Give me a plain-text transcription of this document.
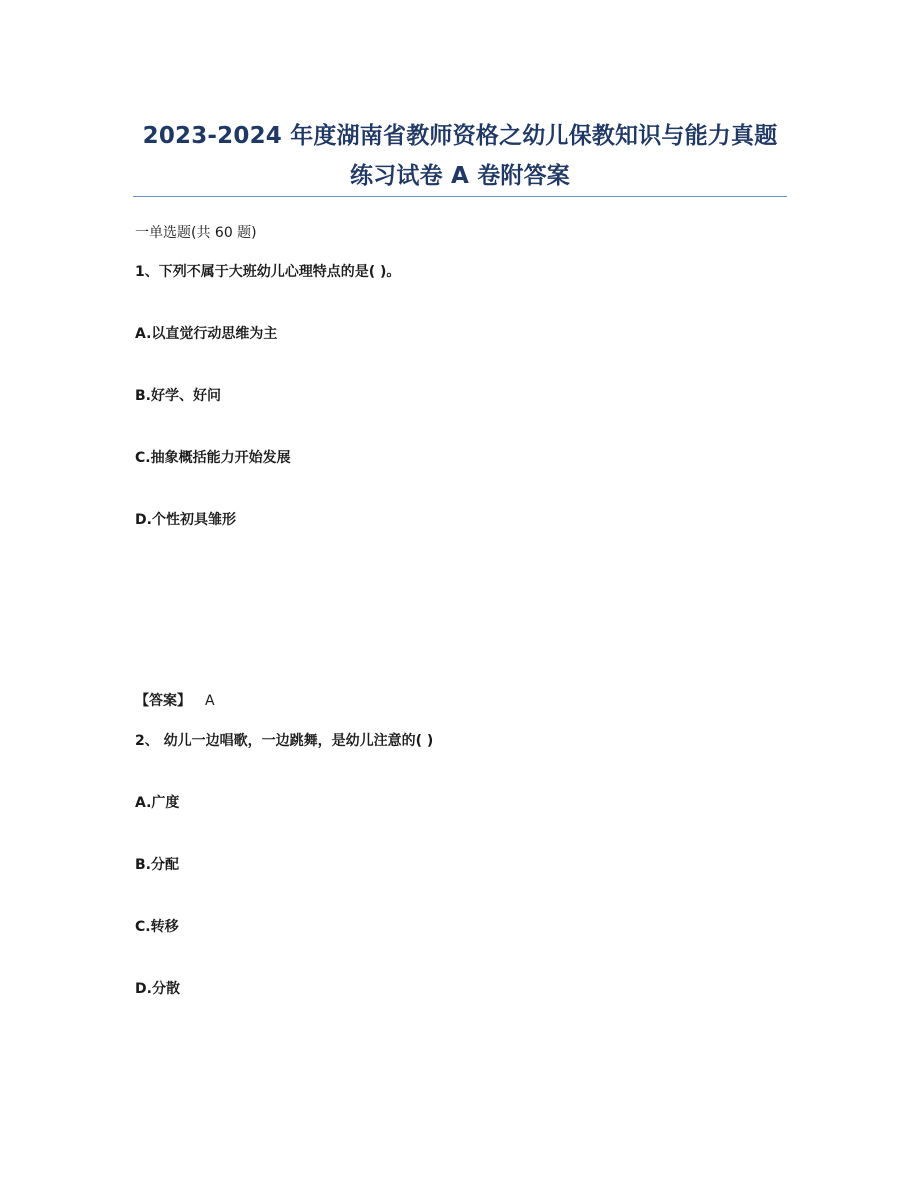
2023-2024 年度湖南省教师资格之幼儿保教知识与能力真题
练习试卷 A 卷附答案
一单选题(共 60 题)
1、下列不属于大班幼儿心理特点的是( )。
A.以直觉行动思维为主
B.好学、好问
C.抽象概括能力开始发展
D.个性初具雏形
【答案】 A
2、 幼儿一边唱歌，一边跳舞，是幼儿注意的( )
A.广度
B.分配
C.转移
D.分散
